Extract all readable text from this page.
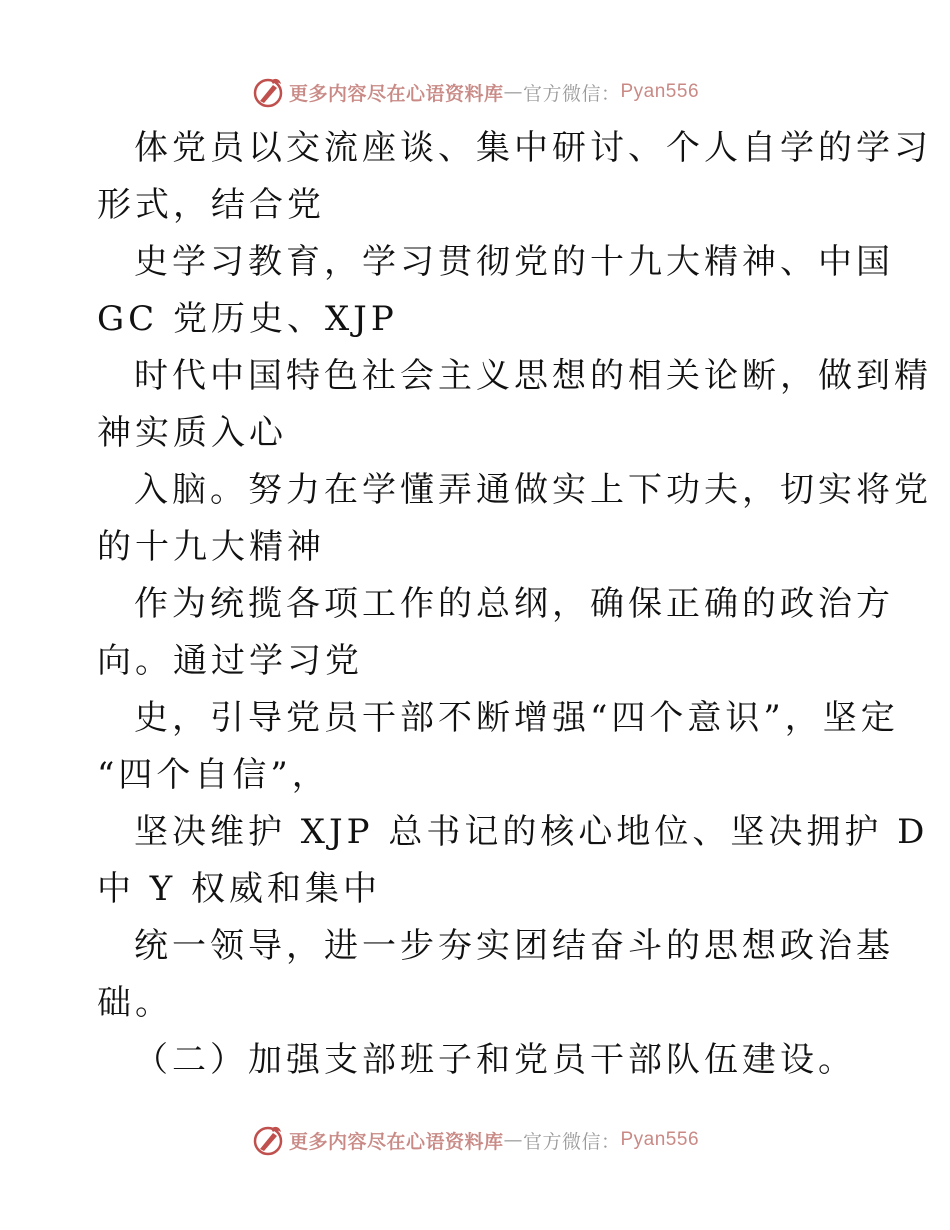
更多内容尽在心语资料库 — 官方微信： Pyan556
体党员以交流座谈、集中研讨、个人自学的学习
形式，结合党
史学习教育，学习贯彻党的十九大精神、中国
GC 党历史、XJP
时代中国特色社会主义思想的相关论断，做到精
神实质入心
入脑。努力在学懂弄通做实上下功夫，切实将党
的十九大精神
作为统揽各项工作的总纲，确保正确的政治方
向。通过学习党
史，引导党员干部不断增强“四个意识”，坚定
“四个自信”，
坚决维护 XJP 总书记的核心地位、坚决拥护 D
中 Y 权威和集中
统一领导，进一步夯实团结奋斗的思想政治基
础。
（二）加强支部班子和党员干部队伍建设。
更多内容尽在心语资料库 — 官方微信： Pyan556
